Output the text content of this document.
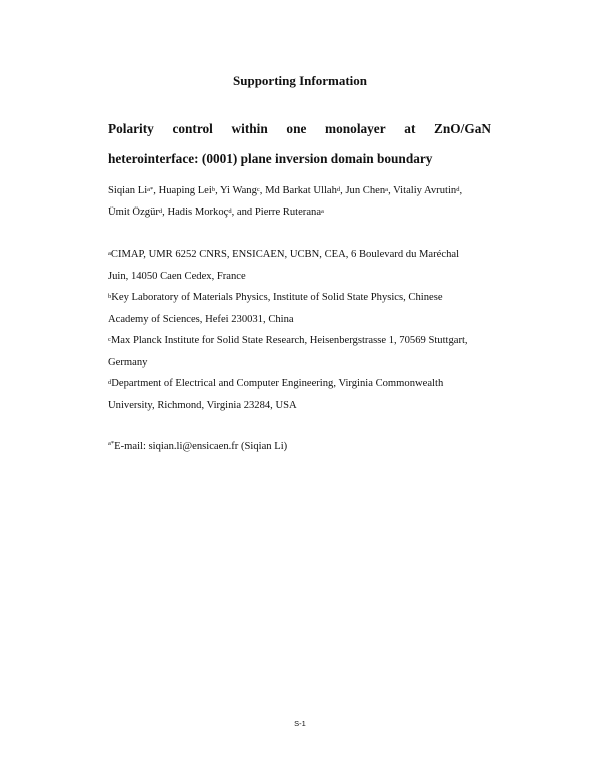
Supporting Information
Polarity control within one monolayer at ZnO/GaN
heterointerface: (0001) plane inversion domain boundary
Siqian $Li^{a*}$, Huaping Lei$^b$, Yi Wang$^c$, Md Barkat Ullah$^d$, Jun Chen$^a$, Vitaliy Avrutin$^d$,
Ümit Özgür$^d$, Hadis Morkoç$^d$, and Pierre Ruterana$^a$
$^a$CIMAP, UMR 6252 CNRS, ENSICAEN, UCBN, CEA, 6 Boulevard du Maréchal
Juin, 14050 Caen Cedex, France
$^b$Key Laboratory of Materials Physics, Institute of Solid State Physics, Chinese
Academy of Sciences, Hefei 230031, China
$^c$Max Planck Institute for Solid State Research, Heisenbergstrasse 1, 70569 Stuttgart,
Germany
$^d$Department of Electrical and Computer Engineering, Virginia Commonwealth
University, Richmond, Virginia 23284, USA
$^{a*}$E-mail: siqian.li@ensicaen.fr (Siqian Li)
S-1
